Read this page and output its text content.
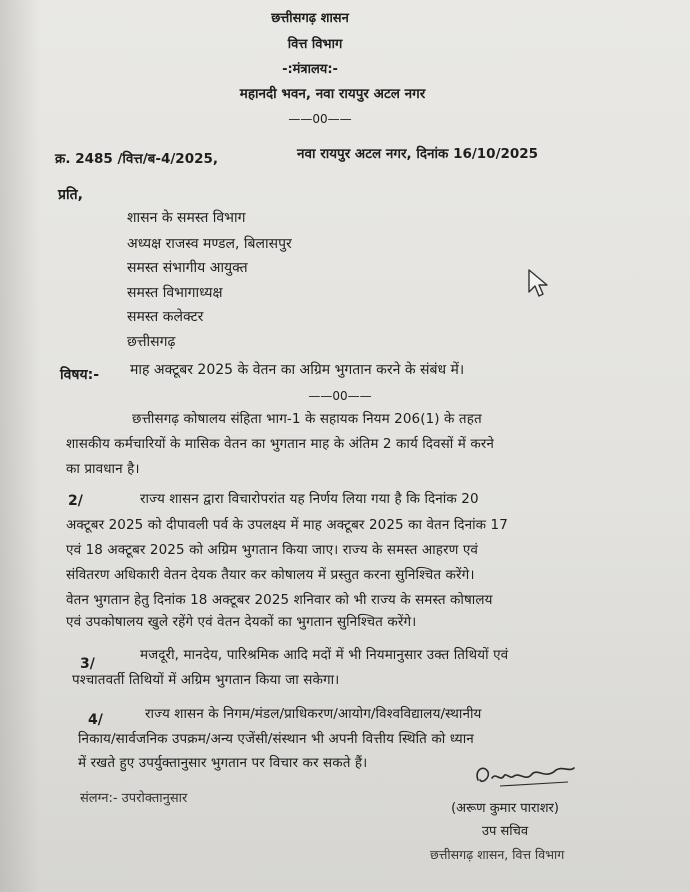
छत्तीसगढ़ शासन
वित्त विभाग
-:मंत्रालय:-
महानदी भवन, नवा रायपुर अटल नगर
——00——
क्र. 2485 /वित्त/ब-4/2025,	नवा रायपुर अटल नगर, दिनांक 16/10/2025
प्रति,
शासन के समस्त विभाग
अध्यक्ष राजस्व मण्डल, बिलासपुर
समस्त संभागीय आयुक्त
समस्त विभागाध्यक्ष
समस्त कलेक्टर
छत्तीसगढ़
विषय:- माह अक्टूबर 2025 के वेतन का अग्रिम भुगतान करने के संबंध में।
——00——
छत्तीसगढ़ कोषालय संहिता भाग-1 के सहायक नियम 206(1) के तहत
शासकीय कर्मचारियों के मासिक वेतन का भुगतान माह के अंतिम 2 कार्य दिवसों में करने
का प्रावधान है।
2/	राज्य शासन द्वारा विचारोपरांत यह निर्णय लिया गया है कि दिनांक 20
अक्टूबर 2025 को दीपावली पर्व के उपलक्ष्य में माह अक्टूबर 2025 का वेतन दिनांक 17
एवं 18 अक्टूबर 2025 को अग्रिम भुगतान किया जाए। राज्य के समस्त आहरण एवं
संवितरण अधिकारी वेतन देयक तैयार कर कोषालय में प्रस्तुत करना सुनिश्चित करेंगे।
वेतन भुगतान हेतु दिनांक 18 अक्टूबर 2025 शनिवार को भी राज्य के समस्त कोषालय
एवं उपकोषालय खुले रहेंगे एवं वेतन देयकों का भुगतान सुनिश्चित करेंगे।
3/
मजदूरी, मानदेय, पारिश्रमिक आदि मदों में भी नियमानुसार उक्त तिथियों एवं
पश्चातवर्ती तिथियों में अग्रिम भुगतान किया जा सकेगा।
4/	राज्य शासन के निगम/मंडल/प्राधिकरण/आयोग/विश्वविद्यालय/स्थानीय
निकाय/सार्वजनिक उपक्रम/अन्य एजेंसी/संस्थान भी अपनी वित्तीय स्थिति को ध्यान
में रखते हुए उपर्युक्तानुसार भुगतान पर विचार कर सकते हैं।
संलग्न:- उपरोक्तानुसार
(अरूण कुमार पाराशर)
उप सचिव
छत्तीसगढ़ शासन, वित्त विभाग
